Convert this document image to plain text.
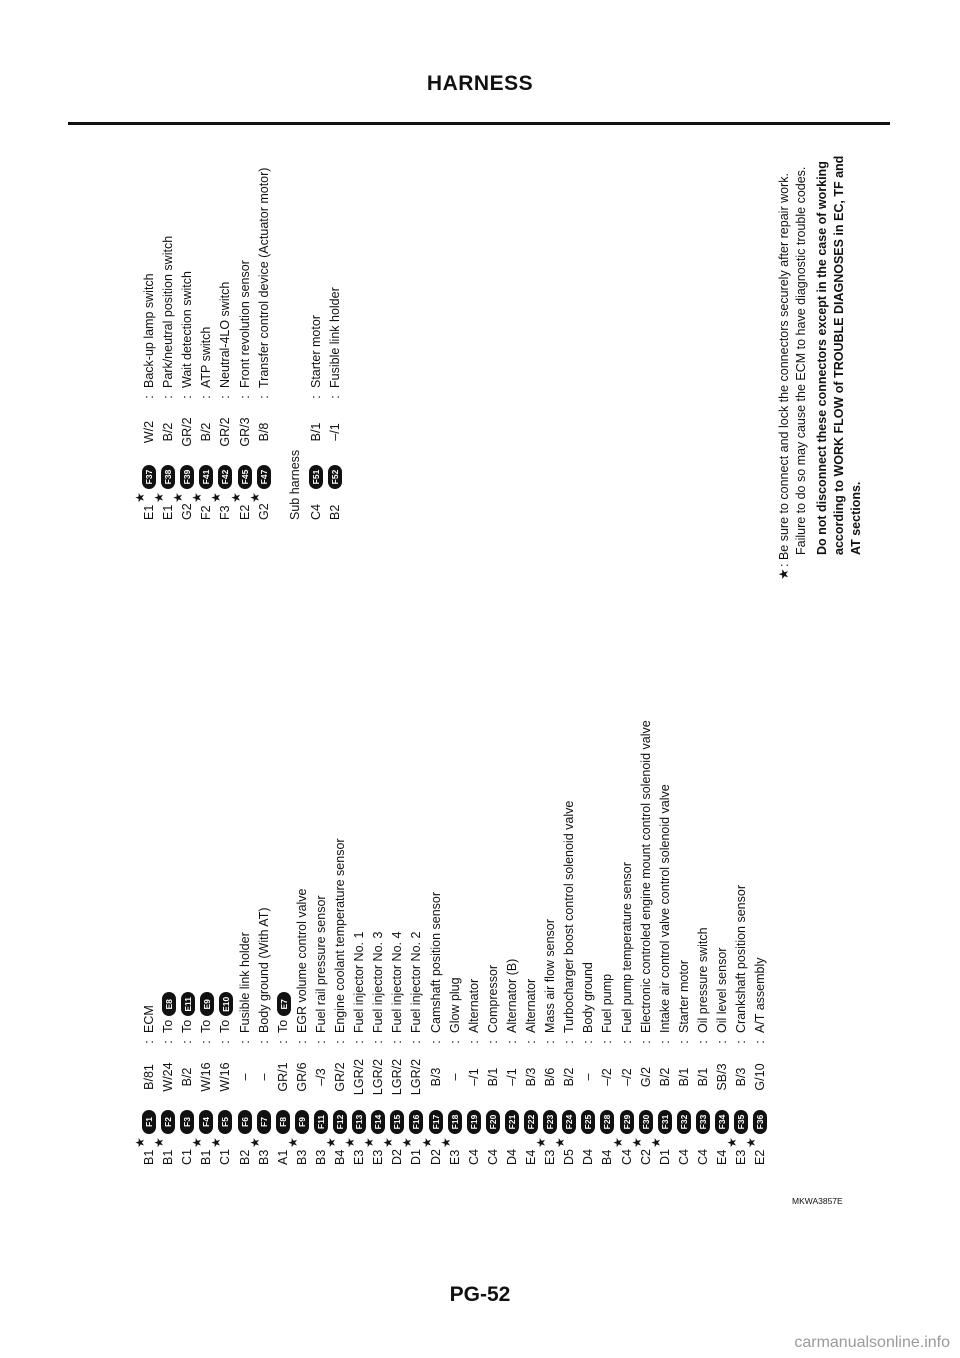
HARNESS
B1
★
F1
B/81
:
ECM
B1
★
F2
W/24
:
To E8
C1
F3
B/2
:
To E11
B1
★
F4
W/16
:
To E9
C1
★
F5
W/16
:
To E10
B2
F6
–
:
Fusible link holder
B3
★
F7
–
:
Body ground (With AT)
A1
F8
GR/1
:
To E7
B3
★
F9
GR/6
:
EGR volume control valve
B3
F11
–/3
:
Fuel rail pressure sensor
B4
★
F12
GR/2
:
Engine coolant temperature sensor
E3
★
F13
LGR/2
:
Fuel injector No. 1
E3
★
F14
LGR/2
:
Fuel injector No. 3
D2
★
F15
LGR/2
:
Fuel injector No. 4
D1
★
F16
LGR/2
:
Fuel injector No. 2
D2
★
F17
B/3
:
Camshaft position sensor
E3
★
F18
–
:
Glow plug
C4
F19
–/1
:
Alternator
C4
F20
B/1
:
Compressor
D4
F21
–/1
:
Alternator (B)
E4
F22
B/3
:
Alternator
E3
★
F23
B/6
:
Mass air flow sensor
D5
★
F24
B/2
:
Turbocharger boost control solenoid valve
D4
F25
–
:
Body ground
B4
F28
–/2
:
Fuel pump
C4
★
F29
–/2
:
Fuel pump temperature sensor
C2
★
F30
G/2
:
Electronic controled engine mount control solenoid valve
D1
★
F31
B/2
:
Intake air control valve control solenoid valve
C4
F32
B/1
:
Starter motor
C4
F33
B/1
:
Oil pressure switch
E4
F34
SB/3
:
Oil level sensor
E3
★
F35
B/3
:
Crankshaft position sensor
E2
★
F36
G/10
:
A/T assembly
E1
★
F37
W/2
:
Back-up lamp switch
E1
★
F38
B/2
:
Park/neutral position switch
G2
★
F39
GR/2
:
Wait detection switch
F2
★
F41
B/2
:
ATP switch
F3
★
F42
GR/2
:
Neutral-4LO switch
E2
★
F45
GR/3
:
Front revolution sensor
G2
★
F47
B/8
:
Transfer control device (Actuator motor)
Sub harness C4
F51
B/1
:
Starter motor
B2
F52
–/1
:
Fusible link holder
★
: Be sure to connect and lock the connectors securely after repair work. Failure to do so may cause the ECM to have diagnostic trouble codes. Do not disconnect these connectors except in the case of working according to WORK FLOW of TROUBLE DIAGNOSES in EC, TF and AT sections.
MKWA3857E
PG-52
carmanualsonline.info
